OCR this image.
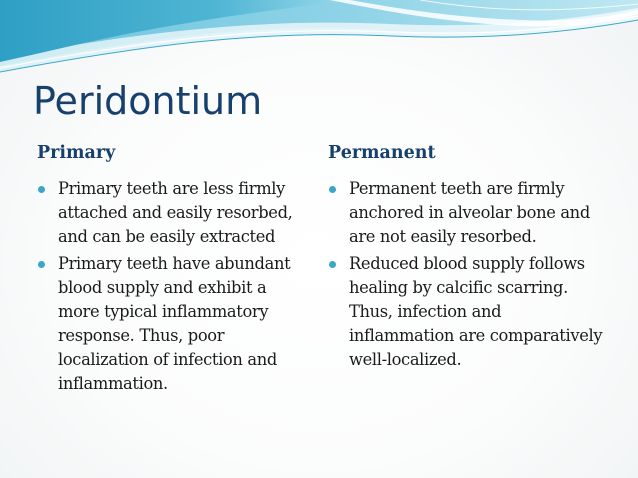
Peridontium
Primary	Permanent
Primary teeth are less firmly attached and easily resorbed, and can be easily extracted
Primary teeth have abundant blood supply and exhibit a more typical inflammatory response. Thus, poor localization of infection and inflammation.
Permanent teeth are firmly anchored in alveolar bone and are not easily resorbed.
Reduced blood supply follows healing by calcific scarring. Thus, infection and inflammation are comparatively well-localized.
